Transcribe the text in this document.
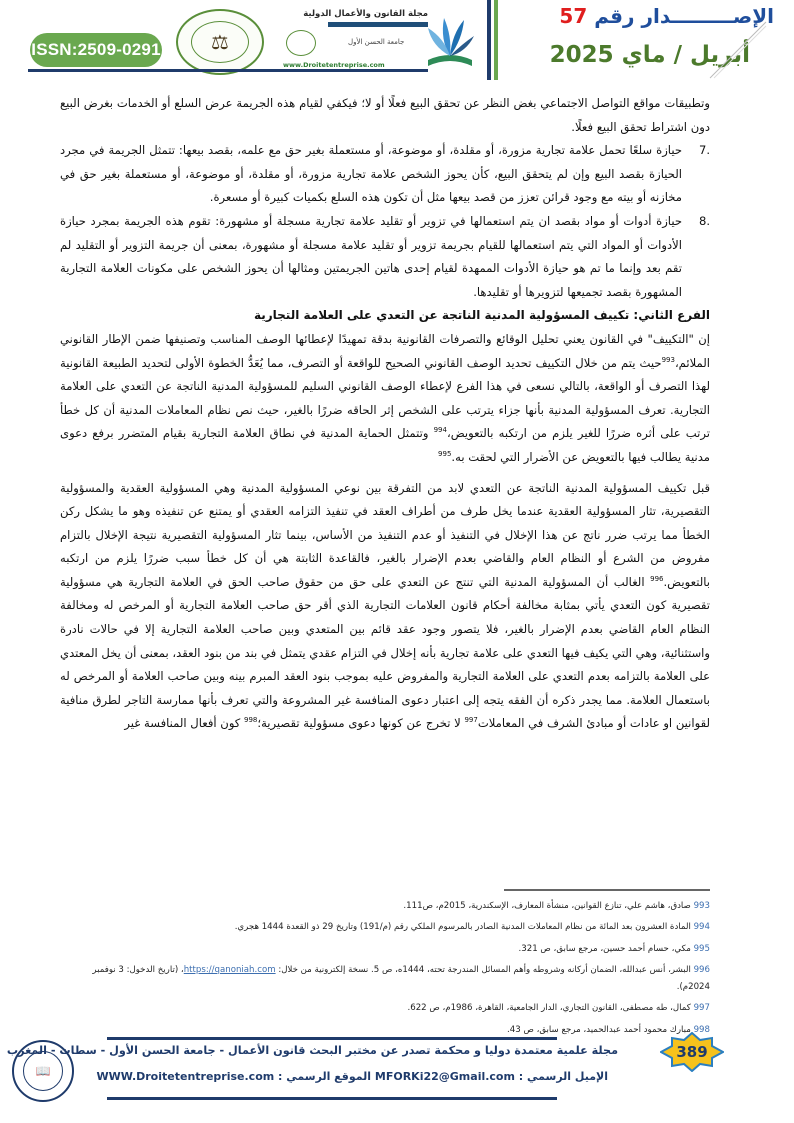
ISSN:2509-0291	⚖
مجلة القانون والأعمال الدولية
جامعة الحسن الأول
www.Droitetentreprise.com
الإصـــــــــدار رقم 57
أبريل / ماي 2025

وتطبيقات مواقع التواصل الاجتماعي بغض النظر عن تحقق البيع فعلًا أو لا؛ فيكفي لقيام هذه الجريمة عرض السلع أو الخدمات بغرض البيع دون اشتراط تحقق البيع فعلًا.

7.
حيازة سلعًا تحمل علامة تجارية مزورة، أو مقلدة، أو موضوعة، أو مستعملة بغير حق مع علمه، بقصد بيعها: تتمثل الجريمة في مجرد الحيازة بقصد البيع وإن لم يتحقق البيع، كأن يحوز الشخص علامة تجارية مزورة، أو مقلدة، أو موضوعة، أو مستعملة بغير حق في مخازنه أو بيته مع وجود قرائن تعزز من قصد بيعها مثل أن تكون هذه السلع بكميات كبيرة أو مسعرة.

8.
حيازة أدوات أو مواد بقصد ان يتم استعمالها في تزوير أو تقليد علامة تجارية مسجلة أو مشهورة: تقوم هذه الجريمة بمجرد حيازة الأدوات أو المواد التي يتم استعمالها للقيام بجريمة تزوير أو تقليد علامة مسجلة أو مشهورة، بمعنى أن جريمة التزوير أو التقليد لم تقم بعد وإنما ما تم هو حيازة الأدوات الممهدة لقيام إحدى هاتين الجريمتين ومثالها أن يحوز الشخص على مكونات العلامة التجارية المشهورة بقصد تجميعها لتزويرها أو تقليدها.

الفرع الثاني: تكييف المسؤولية المدنية الناتجة عن التعدي على العلامة التجارية

إن "التكييف" في القانون يعني تحليل الوقائع والتصرفات القانونية بدقة تمهيدًا لإعطائها الوصف المناسب وتصنيفها ضمن الإطار القانوني الملائم،$^{993}$حيث يتم من خلال التكييف تحديد الوصف القانوني الصحيح للواقعة أو التصرف، مما يُعَدُّ الخطوة الأولى لتحديد الطبيعة القانونية لهذا التصرف أو الواقعة، بالتالي نسعى في هذا الفرع لإعطاء الوصف القانوني السليم للمسؤولية المدنية الناتجة عن التعدي على العلامة التجارية. تعرف المسؤولية المدنية بأنها جزاء يترتب على الشخص إثر الحاقه ضررًا بالغير، حيث نص نظام المعاملات المدنية أن كل خطأ ترتب على أثره ضررًا للغير يلزم من ارتكبه بالتعويض،$^{994}$ وتتمثل الحماية المدنية في نطاق العلامة التجارية بقيام المتضرر برفع دعوى مدنية يطالب فيها بالتعويض عن الأضرار التي لحقت به.$^{995}$

قبل تكييف المسؤولية المدنية الناتجة عن التعدي لابد من التفرقة بين نوعي المسؤولية المدنية وهي المسؤولية العقدية والمسؤولية التقصيرية، تثار المسؤولية العقدية عندما يخل طرف من أطراف العقد في تنفيذ التزامه العقدي أو يمتنع عن تنفيذه وهو ما يشكل ركن الخطأ مما يرتب ضرر ناتج عن هذا الإخلال في التنفيذ أو عدم التنفيذ من الأساس، بينما تثار المسؤولية التقصيرية نتيجة الإخلال بالتزام مفروض من الشرع أو النظام العام والقاضي بعدم الإضرار بالغير، فالقاعدة الثابتة هي أن كل خطأ سبب ضررًا يلزم من ارتكبه بالتعويض.$^{996}$ الغالب أن المسؤولية المدنية التي تنتج عن التعدي على حق من حقوق صاحب الحق في العلامة التجارية هي مسؤولية تقصيرية كون التعدي يأتي بمثابة مخالفة أحكام قانون العلامات التجارية الذي أقر حق صاحب العلامة التجارية أو المرخص له ومخالفة النظام العام القاضي بعدم الإضرار بالغير، فلا يتصور وجود عقد قائم بين المتعدي وبين صاحب العلامة التجارية إلا في حالات نادرة واستثنائية، وهي التي يكيف فيها التعدي على علامة تجارية بأنه إخلال في التزام عقدي يتمثل في بند من بنود العقد، بمعنى أن يخل المعتدي على العلامة بالتزامه بعدم التعدي على العلامة التجارية والمفروض عليه بموجب بنود العقد المبرم بينه وبين صاحب العلامة أو المرخص له باستعمال العلامة. مما يجدر ذكره أن الفقه يتجه إلى اعتبار دعوى المنافسة غير المشروعة والتي تعرف بأنها ممارسة التاجر لطرق منافية لقوانين او عادات أو مبادئ الشرف في المعاملات$^{997}$ لا تخرج عن كونها دعوى مسؤولية تقصيرية؛$^{998}$ كون أفعال المنافسة غير

993 صادق، هاشم علي، تنازع القوانين، منشأة المعارف، الإسكندرية، 2015م، ص111.
994 المادة العشرون بعد المائة من نظام المعاملات المدنية الصادر بالمرسوم الملكي رقم (م/191) وتاريخ 29 ذو القعدة 1444 هجري.
995 مكي، حسام أحمد حسين، مرجع سابق، ص 321.
996 البشر، أنس عبدالله، الضمان أركانه وشروطه وأهم المسائل المندرجة تحته، 1444ه، ص 5. نسخة إلكترونية من خلال: https://qanoniah.com، (تاريخ الدخول: 3 نوفمبر 2024م).
997 كمال، طه مصطفى، القانون التجاري، الدار الجامعية، القاهرة، 1986م، ص 622.
998 مبارك محمود أحمد عبدالحميد، مرجع سابق، ص 43.
📖
مجلة علمية معتمدة دوليا و محكمة تصدر عن مختبر البحث قانون الأعمال - جامعة الحسن الأول - سطات - المغرب
الإميل الرسمي : MFORKi22@Gmail.com الموقع الرسمي : WWW.Droitetentreprise.com
389
